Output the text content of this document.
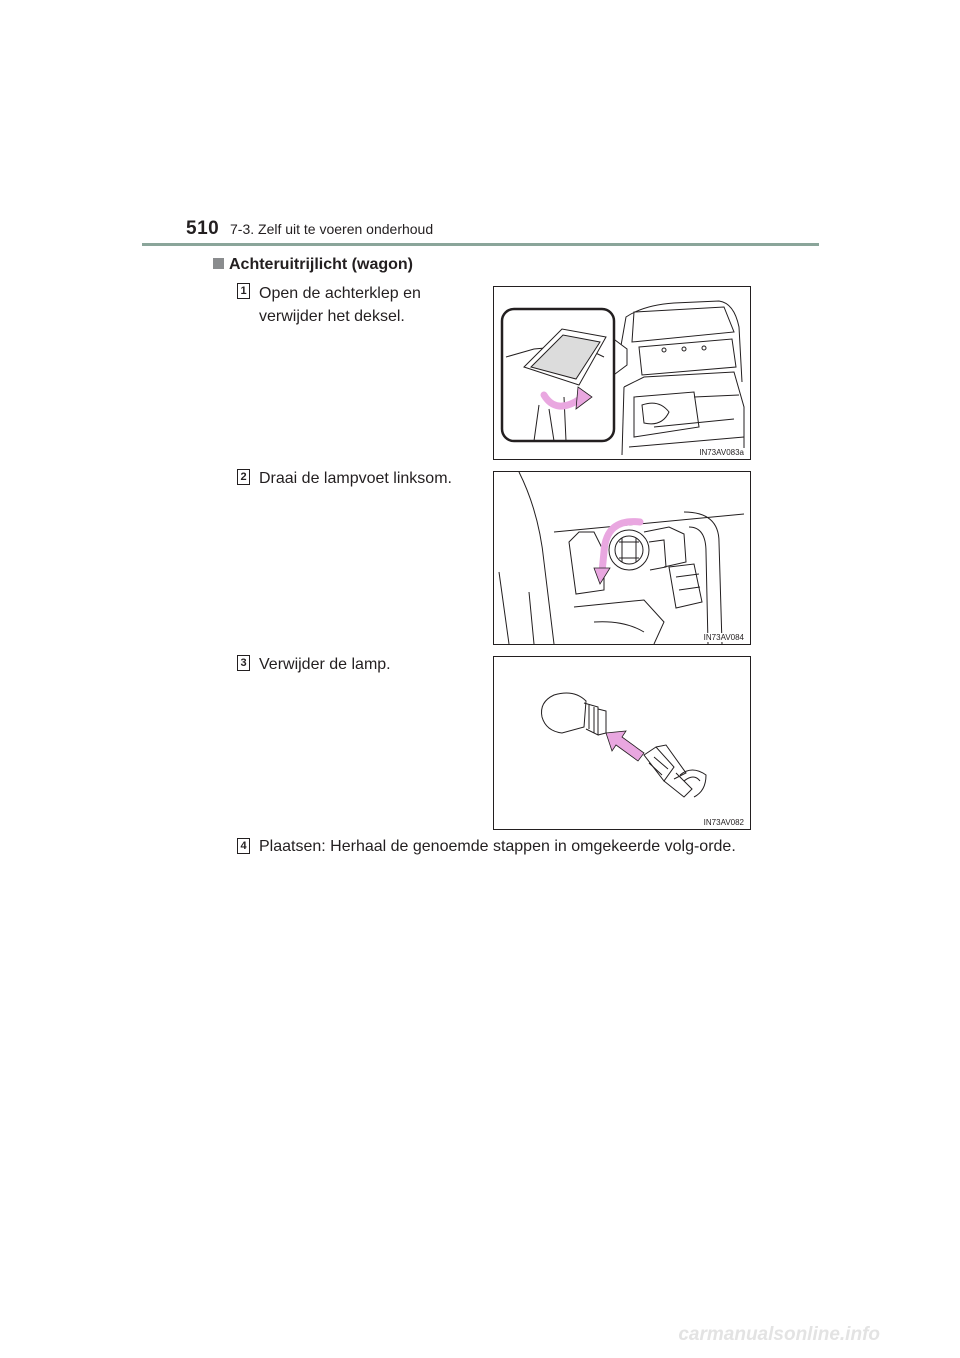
510 7-3. Zelf uit te voeren onderhoud
Achteruitrijlicht (wagon)
1 Open de achterklep en verwijder het deksel.
IN73AV083a
2 Draai de lampvoet linksom.
IN73AV084
3 Verwijder de lamp.
IN73AV082
4 Plaatsen: Herhaal de genoemde stappen in omgekeerde volg-orde.
carmanualsonline.info
